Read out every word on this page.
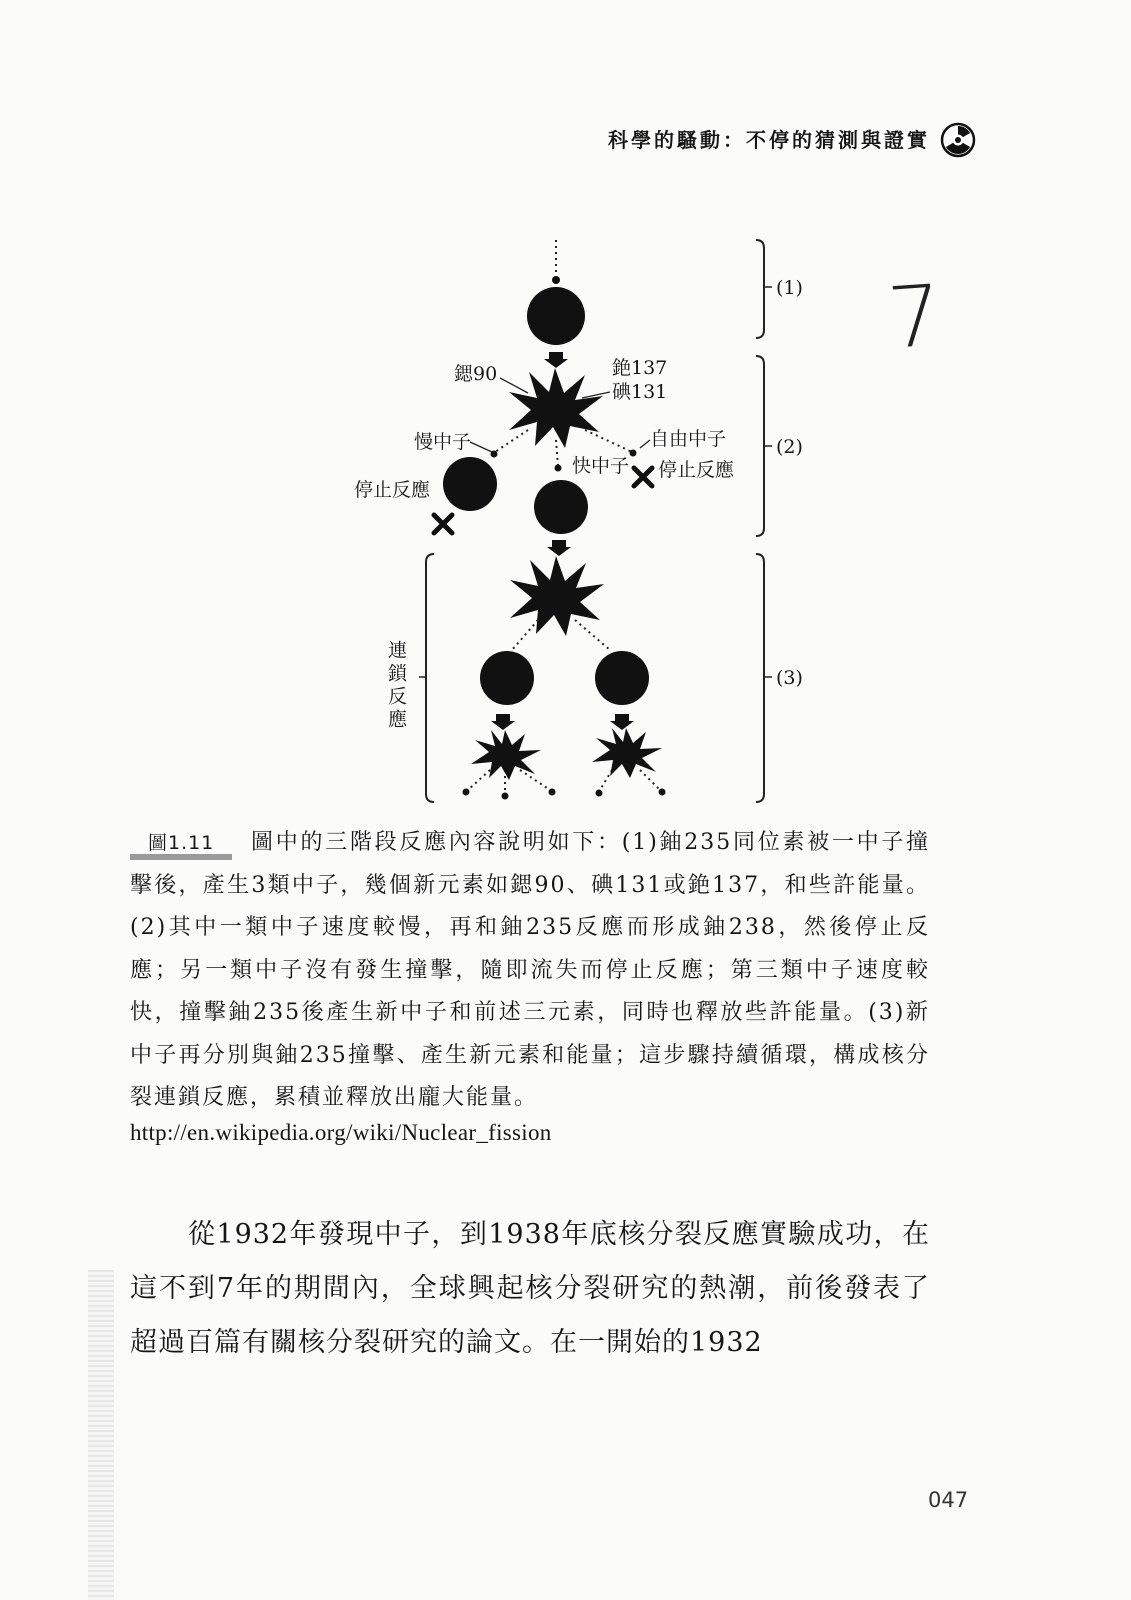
科學的騷動：不停的猜測與證實
7
鍶90	銫137
碘131
慢中子	自由中子
快中子 停止反應
停止反應
(1)
(2)
(3)
連鎖反應
圖1.11 圖中的三階段反應內容說明如下：(1)鈾235同位素被一中子撞擊後，產生3類中子，幾個新元素如鍶90、碘131或銫137，和些許能量。(2)其中一類中子速度較慢，再和鈾235反應而形成鈾238，然後停止反應；另一類中子沒有發生撞擊，隨即流失而停止反應；第三類中子速度較快，撞擊鈾235後產生新中子和前述三元素，同時也釋放些許能量。(3)新中子再分別與鈾235撞擊、產生新元素和能量；這步驟持續循環，構成核分裂連鎖反應，累積並釋放出龐大能量。
http://en.wikipedia.org/wiki/Nuclear_fission
從1932年發現中子，到1938年底核分裂反應實驗成功，在這不到7年的期間內，全球興起核分裂研究的熱潮，前後發表了超過百篇有關核分裂研究的論文。在一開始的1932
047
